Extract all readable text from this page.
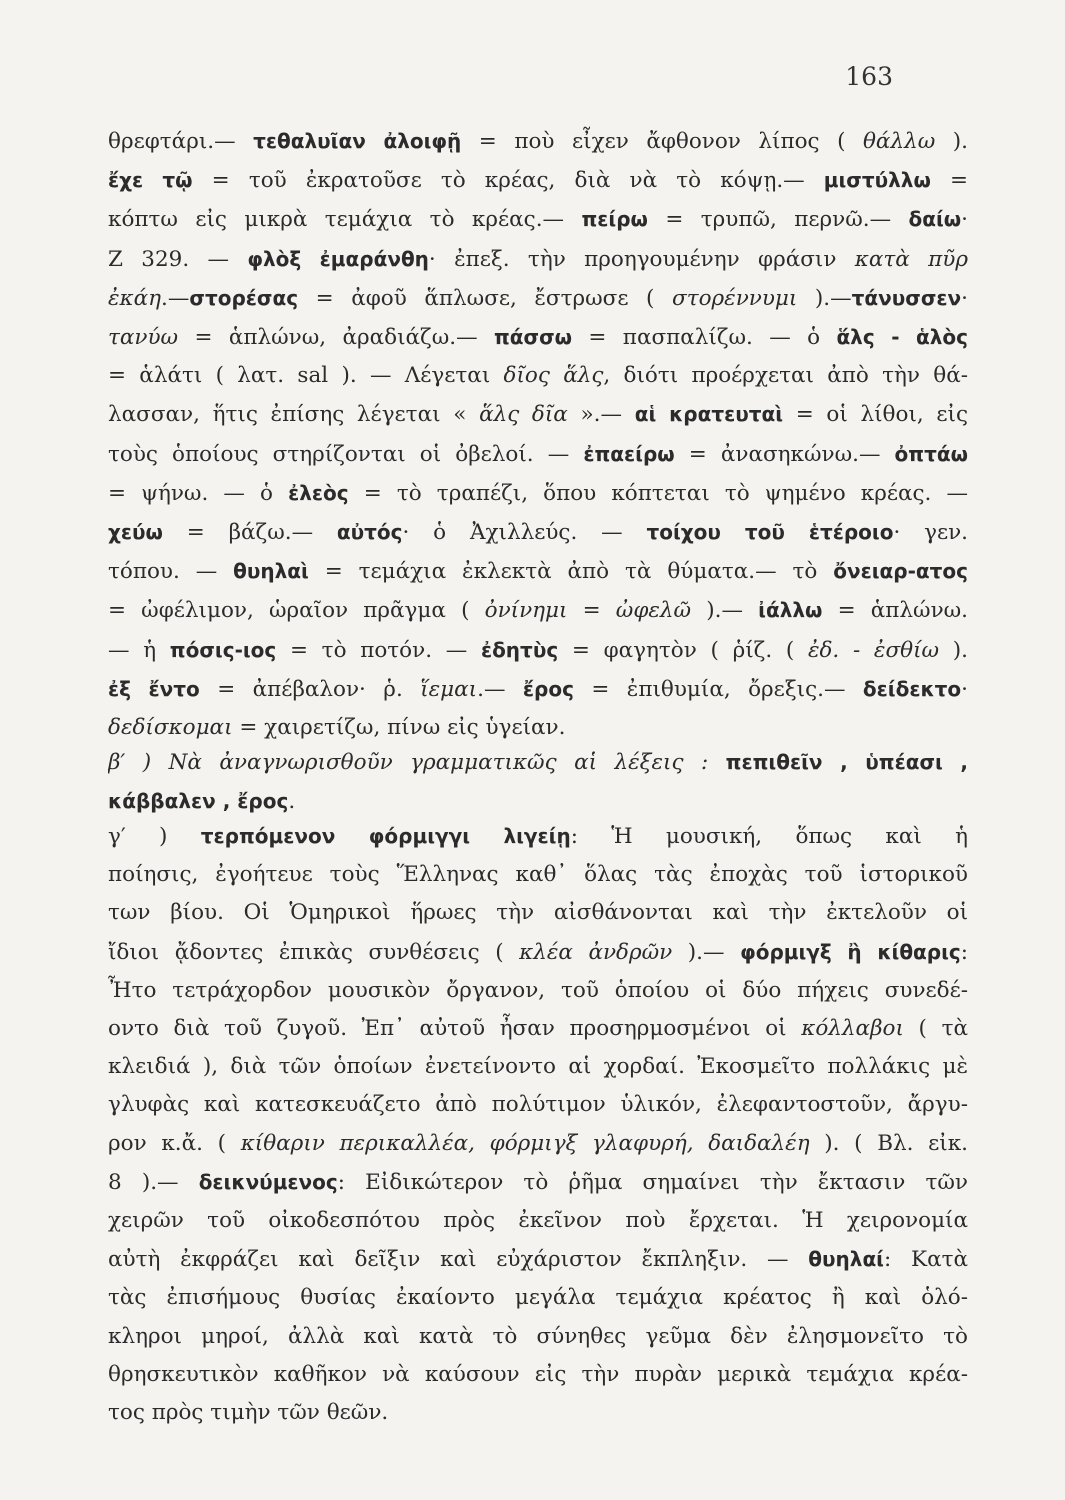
163
θρεφτάρι.— τεθαλυῖαν ἀλοιφῇ = ποὺ εἶχεν ἄφθονον λίπος ( θάλλω ).
ἔχε τῷ = τοῦ ἐκρατοῦσε τὸ κρέας, διὰ νὰ τὸ κόψῃ.— μιστύλλω =
κόπτω εἰς μικρὰ τεμάχια τὸ κρέας.— πείρω = τρυπῶ, περνῶ.— δαίω·
Ζ 329. — φλὸξ ἐμαράνθη· ἐπεξ. τὴν προηγουμένην φράσιν κατὰ πῦρ
ἐκάη.—στορέσας = ἀφοῦ ἅπλωσε, ἔστρωσε ( στορέννυμι ).—τάνυσσεν·
τανύω = ἁπλώνω, ἀραδιάζω.— πάσσω = πασπαλίζω. — ὁ ἅλς - ἁλὸς
= ἁλάτι ( λατ. sal ). — Λέγεται δῖος ἅλς, διότι προέρχεται ἀπὸ τὴν θά-
λασσαν, ἥτις ἐπίσης λέγεται « ἅλς δῖα ».— αἱ κρατευταὶ = οἱ λίθοι, εἰς
τοὺς ὁποίους στηρίζονται οἱ ὀβελοί. — ἐπαείρω = ἀνασηκώνω.— ὀπτάω
= ψήνω. — ὁ ἐλεὸς = τὸ τραπέζι, ὅπου κόπτεται τὸ ψημένο κρέας. —
χεύω = βάζω.— αὐτός· ὁ Ἀχιλλεύς. — τοίχου τοῦ ἑτέροιο· γεν.
τόπου. — θυηλαὶ = τεμάχια ἐκλεκτὰ ἀπὸ τὰ θύματα.— τὸ ὄνειαρ-ατος
= ὠφέλιμον, ὡραῖον πρᾶγμα ( ὀνίνημι = ὠφελῶ ).— ἰάλλω = ἁπλώνω.
— ἡ πόσις-ιος = τὸ ποτόν. — ἐδητὺς = φαγητὸν ( ῥίζ. ( ἐδ. - ἐσθίω ).
ἐξ ἔντο = ἀπέβαλον· ῥ. ἵεμαι.— ἔρος = ἐπιθυμία, ὄρεξις.— δείδεκτο·
δεδίσκομαι = χαιρετίζω, πίνω εἰς ὑγείαν.
β′ ) Νὰ ἀναγνωρισθοῦν γραμματικῶς αἱ λέξεις : πεπιθεῖν , ὑπέασι ,
κάββαλεν , ἔρος.
γ′ ) τερπόμενον φόρμιγγι λιγείῃ: Ἡ μουσική, ὅπως καὶ ἡ
ποίησις, ἐγοήτευε τοὺς Ἕλληνας καθ᾽ ὅλας τὰς ἐποχὰς τοῦ ἱστορικοῦ
των βίου. Οἱ Ὁμηρικοὶ ἥρωες τὴν αἰσθάνονται καὶ τὴν ἐκτελοῦν οἱ
ἴδιοι ᾄδοντες ἐπικὰς συνθέσεις ( κλέα ἀνδρῶν ).— φόρμιγξ ἢ κίθαρις:
Ἦτο τετράχορδον μουσικὸν ὄργανον, τοῦ ὁποίου οἱ δύο πήχεις συνεδέ-
οντο διὰ τοῦ ζυγοῦ. Ἐπ᾽ αὐτοῦ ἦσαν προσηρμοσμένοι οἱ κόλλαβοι ( τὰ
κλειδιά ), διὰ τῶν ὁποίων ἐνετείνοντο αἱ χορδαί. Ἐκοσμεῖτο πολλάκις μὲ
γλυφὰς καὶ κατεσκευάζετο ἀπὸ πολύτιμον ὑλικόν, ἐλεφαντοστοῦν, ἄργυ-
ρον κ.ἄ. ( κίθαριν περικαλλέα, φόρμιγξ γλαφυρή, δαιδαλέη ). ( Βλ. εἰκ.
8 ).— δεικνύμενος: Εἰδικώτερον τὸ ῥῆμα σημαίνει τὴν ἔκτασιν τῶν
χειρῶν τοῦ οἰκοδεσπότου πρὸς ἐκεῖνον ποὺ ἔρχεται. Ἡ χειρονομία
αὐτὴ ἐκφράζει καὶ δεῖξιν καὶ εὐχάριστον ἔκπληξιν. — θυηλαί: Κατὰ
τὰς ἐπισήμους θυσίας ἐκαίοντο μεγάλα τεμάχια κρέατος ἢ καὶ ὁλό-
κληροι μηροί, ἀλλὰ καὶ κατὰ τὸ σύνηθες γεῦμα δὲν ἐλησμονεῖτο τὸ
θρησκευτικὸν καθῆκον νὰ καύσουν εἰς τὴν πυρὰν μερικὰ τεμάχια κρέα-
τος πρὸς τιμὴν τῶν θεῶν.
